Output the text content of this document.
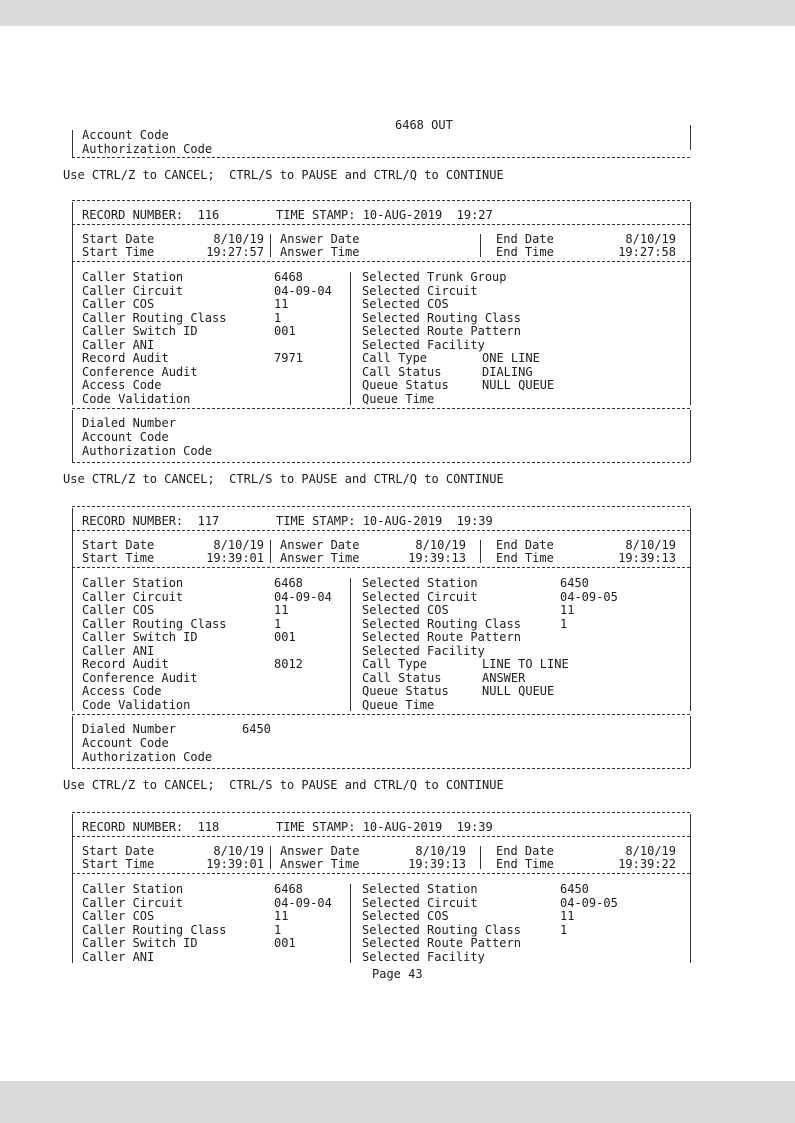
6468 OUT
Account Code
Authorization Code
Use CTRL/Z to CANCEL;  CTRL/S to PAUSE and CTRL/Q to CONTINUE
RECORD NUMBER:  116	TIME STAMP: 10-AUG-2019  19:27
Start Date	8/10/19
Start Time	19:27:57
Answer Date
Answer Time
End Date	8/10/19
End Time	19:27:58
Caller Station	6468
Caller Circuit	04-09-04
Caller COS	11
Caller Routing Class	1
Caller Switch ID	001
Caller ANI
Record Audit	7971
Conference Audit
Access Code
Code Validation
Selected Trunk Group
Selected Circuit
Selected COS
Selected Routing Class
Selected Route Pattern
Selected Facility
Call Type	ONE LINE
Call Status	DIALING
Queue Status	NULL QUEUE
Queue Time
Dialed Number
Account Code
Authorization Code
Use CTRL/Z to CANCEL;  CTRL/S to PAUSE and CTRL/Q to CONTINUE
RECORD NUMBER:  117	TIME STAMP: 10-AUG-2019  19:39
Start Date	8/10/19
Start Time	19:39:01
Answer Date	8/10/19
Answer Time	19:39:13
End Date	8/10/19
End Time	19:39:13
Caller Station	6468
Caller Circuit	04-09-04
Caller COS	11
Caller Routing Class	1
Caller Switch ID	001
Caller ANI
Record Audit	8012
Conference Audit
Access Code
Code Validation
Selected Station	6450
Selected Circuit	04-09-05
Selected COS	11
Selected Routing Class	1
Selected Route Pattern
Selected Facility
Call Type	LINE TO LINE
Call Status	ANSWER
Queue Status	NULL QUEUE
Queue Time
Dialed Number	6450
Account Code
Authorization Code
Use CTRL/Z to CANCEL;  CTRL/S to PAUSE and CTRL/Q to CONTINUE
RECORD NUMBER:  118	TIME STAMP: 10-AUG-2019  19:39
Start Date	8/10/19
Start Time	19:39:01
Answer Date	8/10/19
Answer Time	19:39:13
End Date	8/10/19
End Time	19:39:22
Caller Station	6468
Caller Circuit	04-09-04
Caller COS	11
Caller Routing Class	1
Caller Switch ID	001
Caller ANI
Selected Station	6450
Selected Circuit	04-09-05
Selected COS	11
Selected Routing Class	1
Selected Route Pattern
Selected Facility
Page 43
